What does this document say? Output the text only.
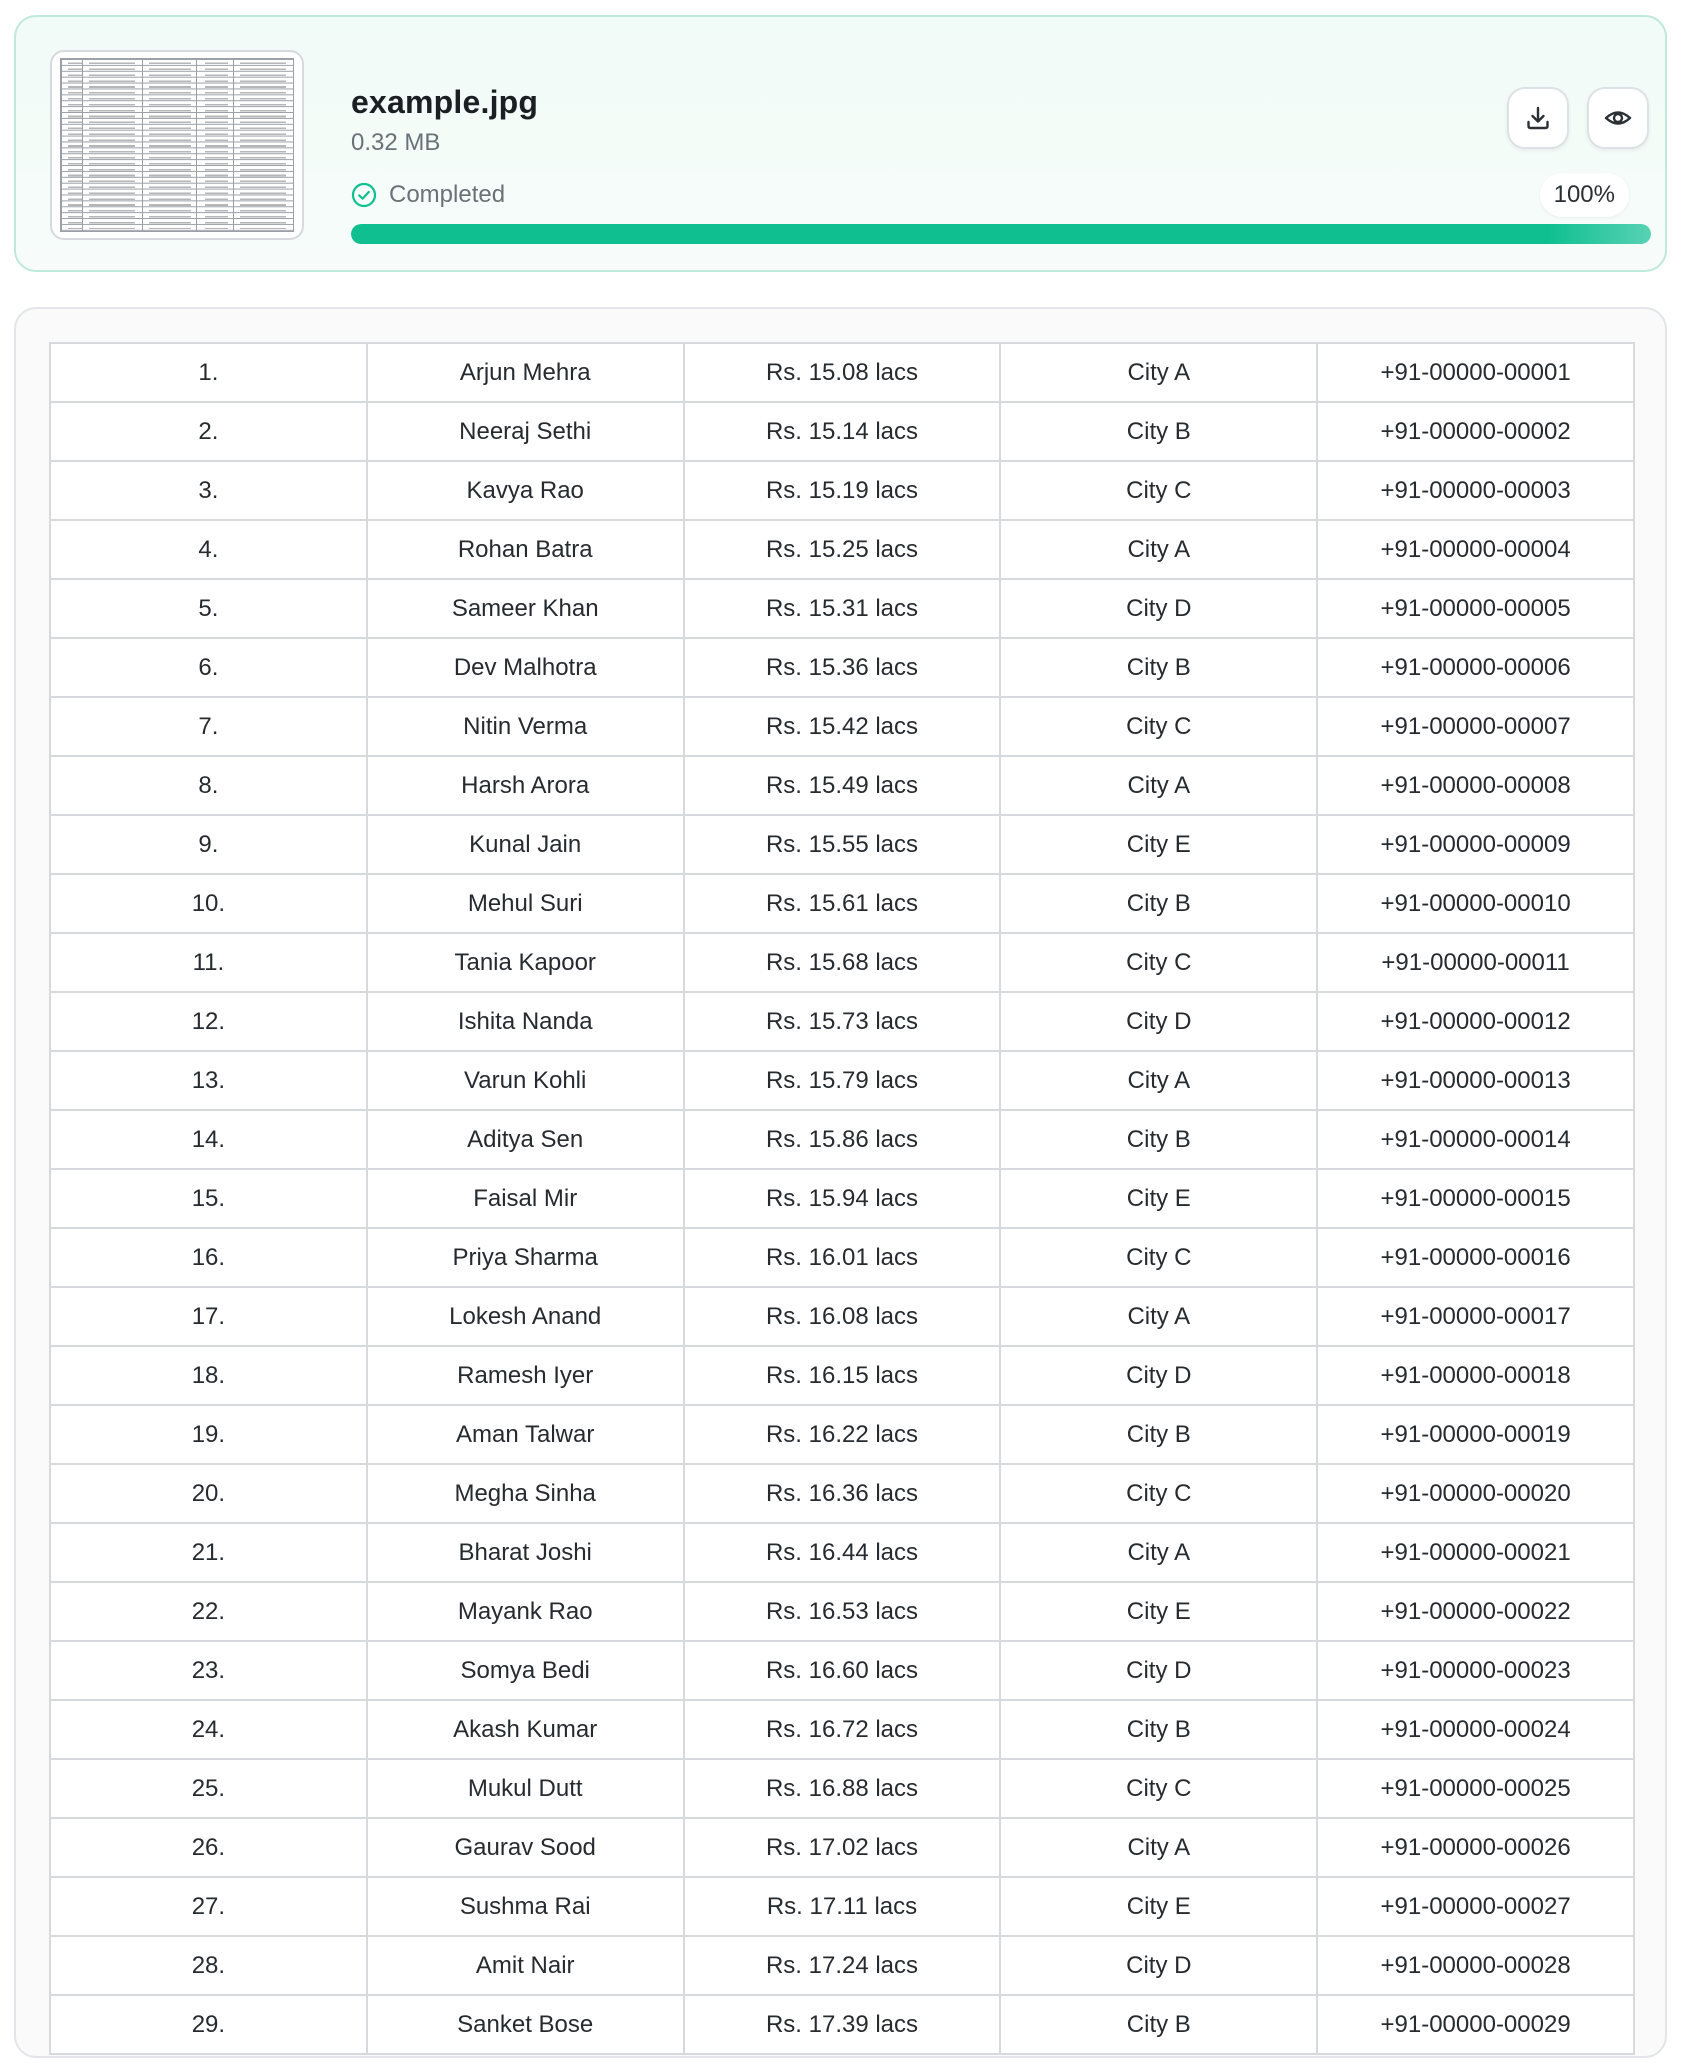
example.jpg
0.32 MB
Completed	100%
1.	Arjun Mehra	Rs. 15.08 lacs	City A	+91-00000-00001
2.	Neeraj Sethi	Rs. 15.14 lacs	City B	+91-00000-00002
3.	Kavya Rao	Rs. 15.19 lacs	City C	+91-00000-00003
4.	Rohan Batra	Rs. 15.25 lacs	City A	+91-00000-00004
5.	Sameer Khan	Rs. 15.31 lacs	City D	+91-00000-00005
6.	Dev Malhotra	Rs. 15.36 lacs	City B	+91-00000-00006
7.	Nitin Verma	Rs. 15.42 lacs	City C	+91-00000-00007
8.	Harsh Arora	Rs. 15.49 lacs	City A	+91-00000-00008
9.	Kunal Jain	Rs. 15.55 lacs	City E	+91-00000-00009
10.	Mehul Suri	Rs. 15.61 lacs	City B	+91-00000-00010
11.	Tania Kapoor	Rs. 15.68 lacs	City C	+91-00000-00011
12.	Ishita Nanda	Rs. 15.73 lacs	City D	+91-00000-00012
13.	Varun Kohli	Rs. 15.79 lacs	City A	+91-00000-00013
14.	Aditya Sen	Rs. 15.86 lacs	City B	+91-00000-00014
15.	Faisal Mir	Rs. 15.94 lacs	City E	+91-00000-00015
16.	Priya Sharma	Rs. 16.01 lacs	City C	+91-00000-00016
17.	Lokesh Anand	Rs. 16.08 lacs	City A	+91-00000-00017
18.	Ramesh Iyer	Rs. 16.15 lacs	City D	+91-00000-00018
19.	Aman Talwar	Rs. 16.22 lacs	City B	+91-00000-00019
20.	Megha Sinha	Rs. 16.36 lacs	City C	+91-00000-00020
21.	Bharat Joshi	Rs. 16.44 lacs	City A	+91-00000-00021
22.	Mayank Rao	Rs. 16.53 lacs	City E	+91-00000-00022
23.	Somya Bedi	Rs. 16.60 lacs	City D	+91-00000-00023
24.	Akash Kumar	Rs. 16.72 lacs	City B	+91-00000-00024
25.	Mukul Dutt	Rs. 16.88 lacs	City C	+91-00000-00025
26.	Gaurav Sood	Rs. 17.02 lacs	City A	+91-00000-00026
27.	Sushma Rai	Rs. 17.11 lacs	City E	+91-00000-00027
28.	Amit Nair	Rs. 17.24 lacs	City D	+91-00000-00028
29.	Sanket Bose	Rs. 17.39 lacs	City B	+91-00000-00029
